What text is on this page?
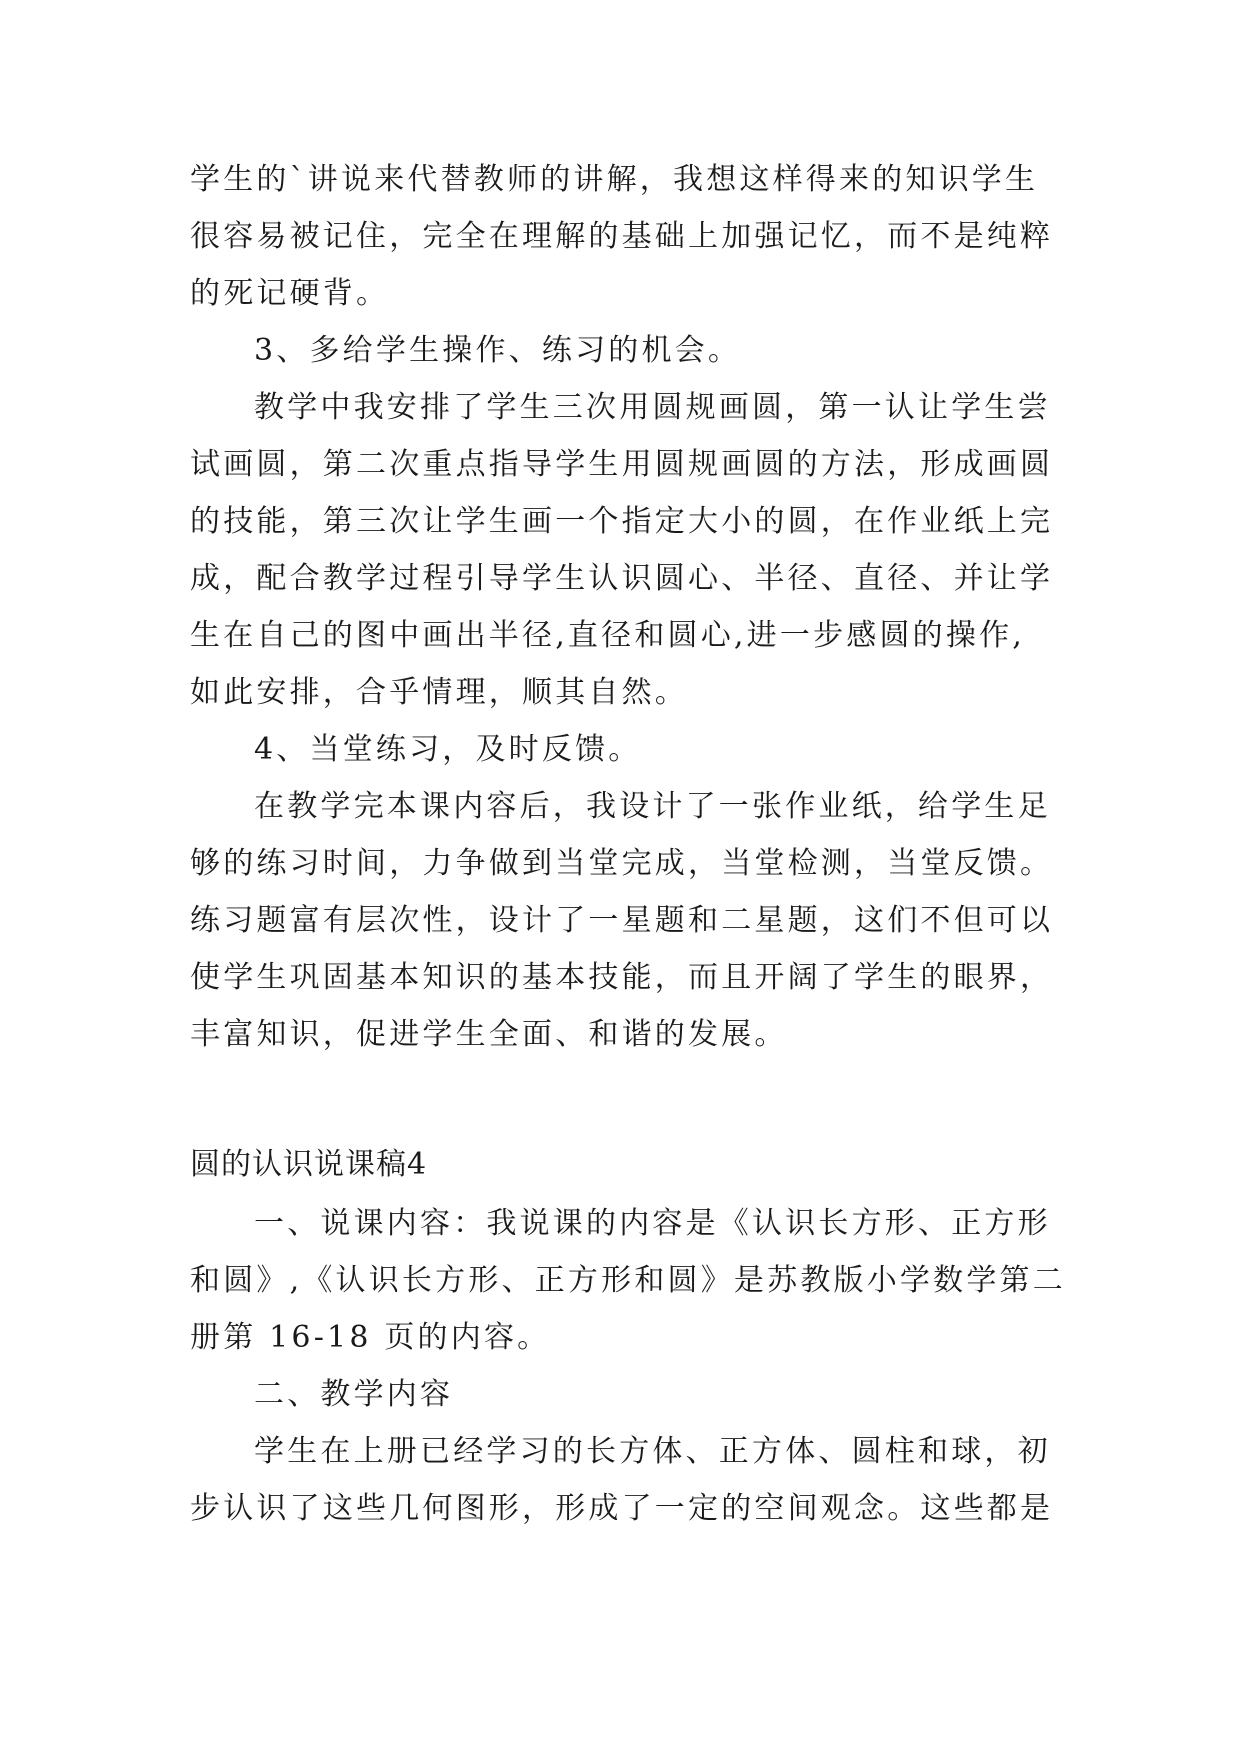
学生的`讲说来代替教师的讲解，我想这样得来的知识学生
很容易被记住，完全在理解的基础上加强记忆，而不是纯粹
的死记硬背。
3、多给学生操作、练习的机会。
教学中我安排了学生三次用圆规画圆，第一认让学生尝
试画圆，第二次重点指导学生用圆规画圆的方法，形成画圆
的技能，第三次让学生画一个指定大小的圆，在作业纸上完
成，配合教学过程引导学生认识圆心、半径、直径、并让学
生在自己的图中画出半径,直径和圆心,进一步感圆的操作,
如此安排，合乎情理，顺其自然。
4、当堂练习，及时反馈。
在教学完本课内容后，我设计了一张作业纸，给学生足
够的练习时间，力争做到当堂完成，当堂检测，当堂反馈。
练习题富有层次性，设计了一星题和二星题，这们不但可以
使学生巩固基本知识的基本技能，而且开阔了学生的眼界，
丰富知识，促进学生全面、和谐的发展。
圆的认识说课稿4
一、说课内容：我说课的内容是《认识长方形、正方形
和圆》,《认识长方形、正方形和圆》是苏教版小学数学第二
册第 16-18 页的内容。
二、教学内容
学生在上册已经学习的长方体、正方体、圆柱和球，初
步认识了这些几何图形，形成了一定的空间观念。这些都是
